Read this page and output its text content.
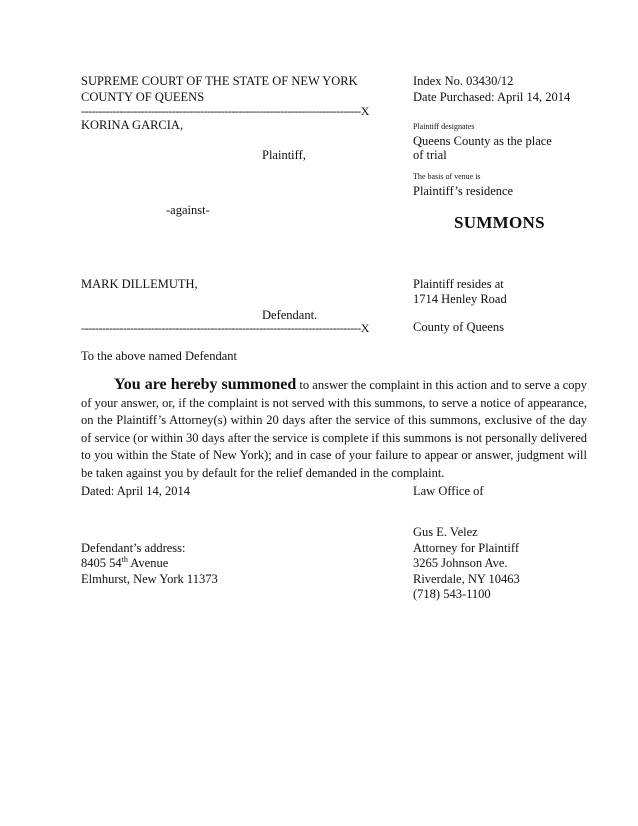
SUPREME COURT OF THE STATE OF NEW YORK
COUNTY OF QUEENS
Index No. 03430/12
Date Purchased: April 14, 2014
--------------------------------------------------------------------------------X
KORINA GARCIA,
Plaintiff,
Plaintiff designates
Queens County as the place
of trial
The basis of venue is
Plaintiff’s residence
-against-
SUMMONS
MARK DILLEMUTH,	Plaintiff resides at
1714 Henley Road
Defendant.
--------------------------------------------------------------------------------X	County of Queens
To the above named Defendant
You are hereby summoned to answer the complaint in this action and to serve a copy of your answer, or, if the complaint is not served with this summons, to serve a notice of appearance, on the Plaintiff’s Attorney(s) within 20 days after the service of this summons, exclusive of the day of service (or within 30 days after the service is complete if this summons is not personally delivered to you within the State of New York); and in case of your failure to appear or answer, judgment will be taken against you by default for the relief demanded in the complaint.
Dated: April 14, 2014	Law Office of
Gus E. Velez
Attorney for Plaintiff
3265 Johnson Ave.
Riverdale, NY 10463
(718) 543-1100
Defendant’s address:
8405 54th Avenue
Elmhurst, New York 11373
